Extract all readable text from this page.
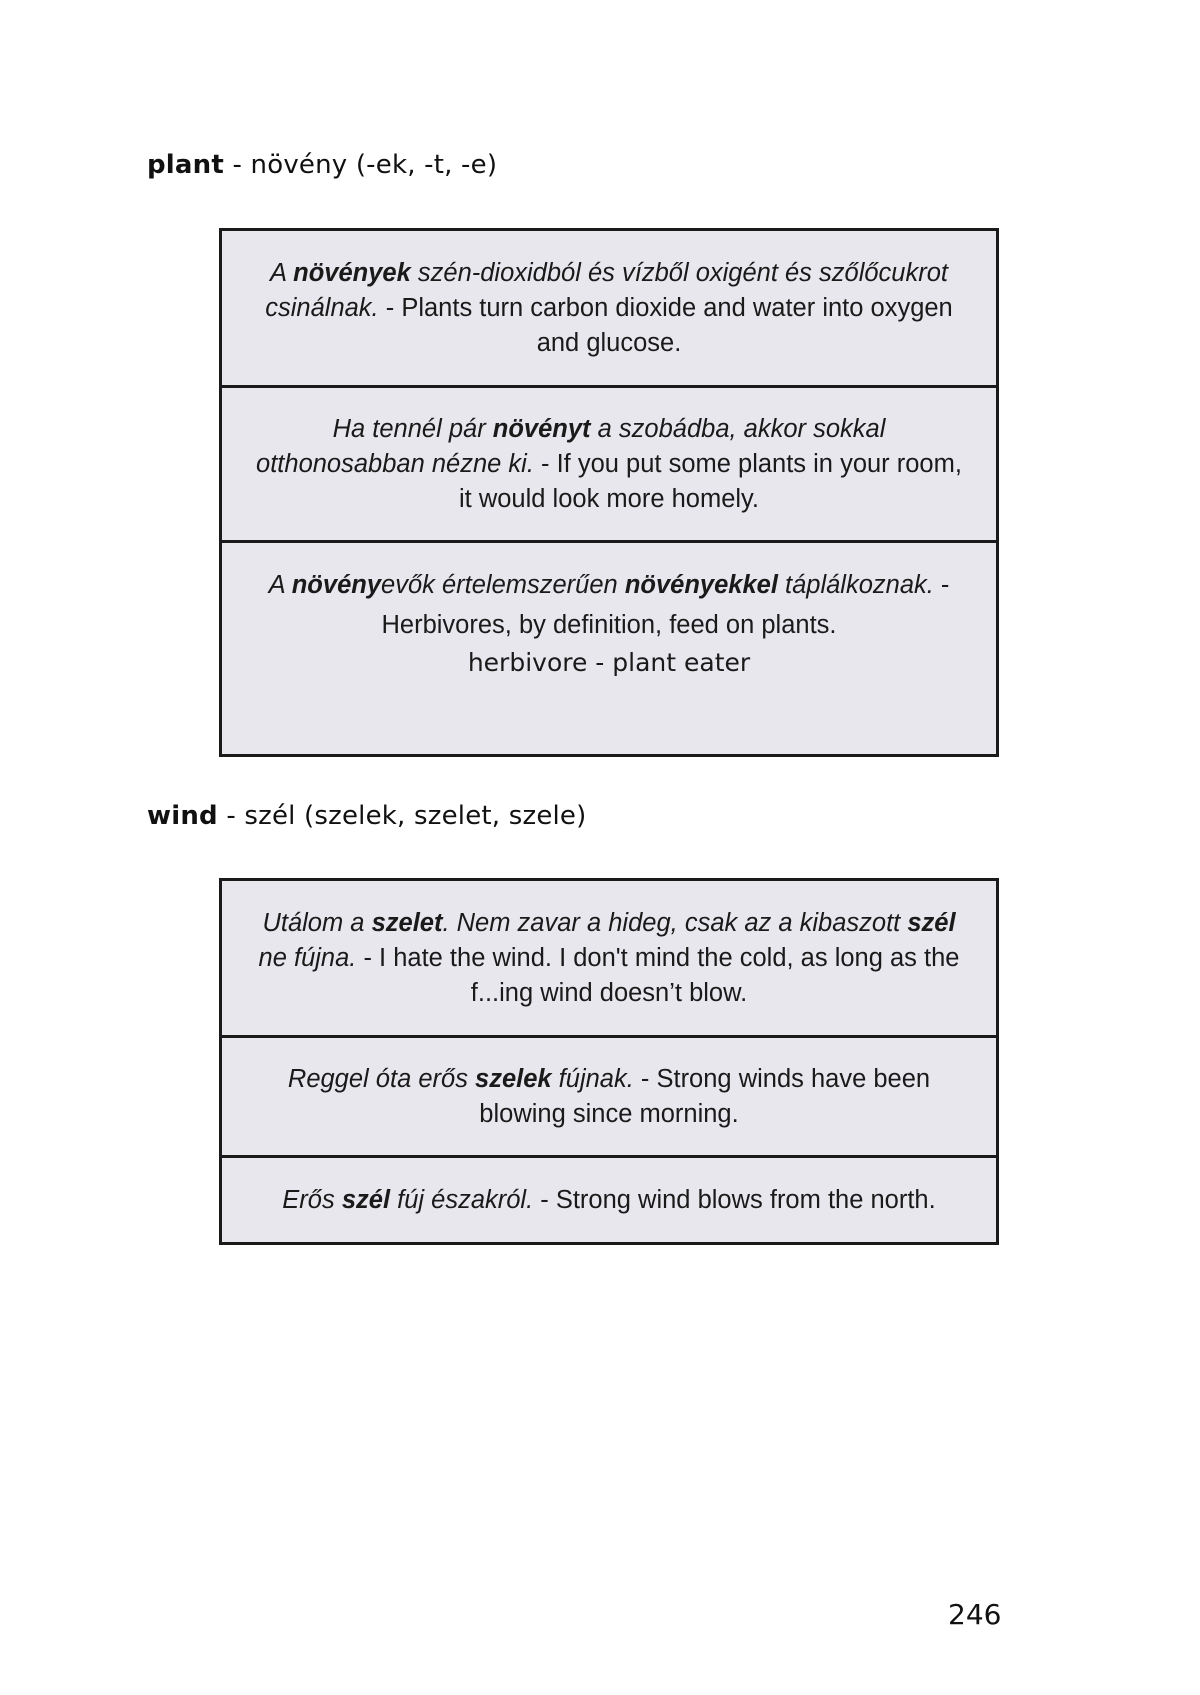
plant - növény (-ek, -t, -e)

A növények szén-dioxidból és vízből oxigént és szőlőcukrot csinálnak. - Plants turn carbon dioxide and water into oxygen and glucose.

Ha tennél pár növényt a szobádba, akkor sokkal otthonosabban nézne ki. - If you put some plants in your room, it would look more homely.

A növényevők értelemszerűen növényekkel táplálkoznak. - Herbivores, by definition, feed on plants.

herbivore - plant eater

wind - szél (szelek, szelet, szele)

Utálom a szelet. Nem zavar a hideg, csak az a kibaszott szél ne fújna. - I hate the wind. I don't mind the cold, as long as the f...ing wind doesn’t blow.

Reggel óta erős szelek fújnak. - Strong winds have been blowing since morning.

Erős szél fúj északról. - Strong wind blows from the north.

246
